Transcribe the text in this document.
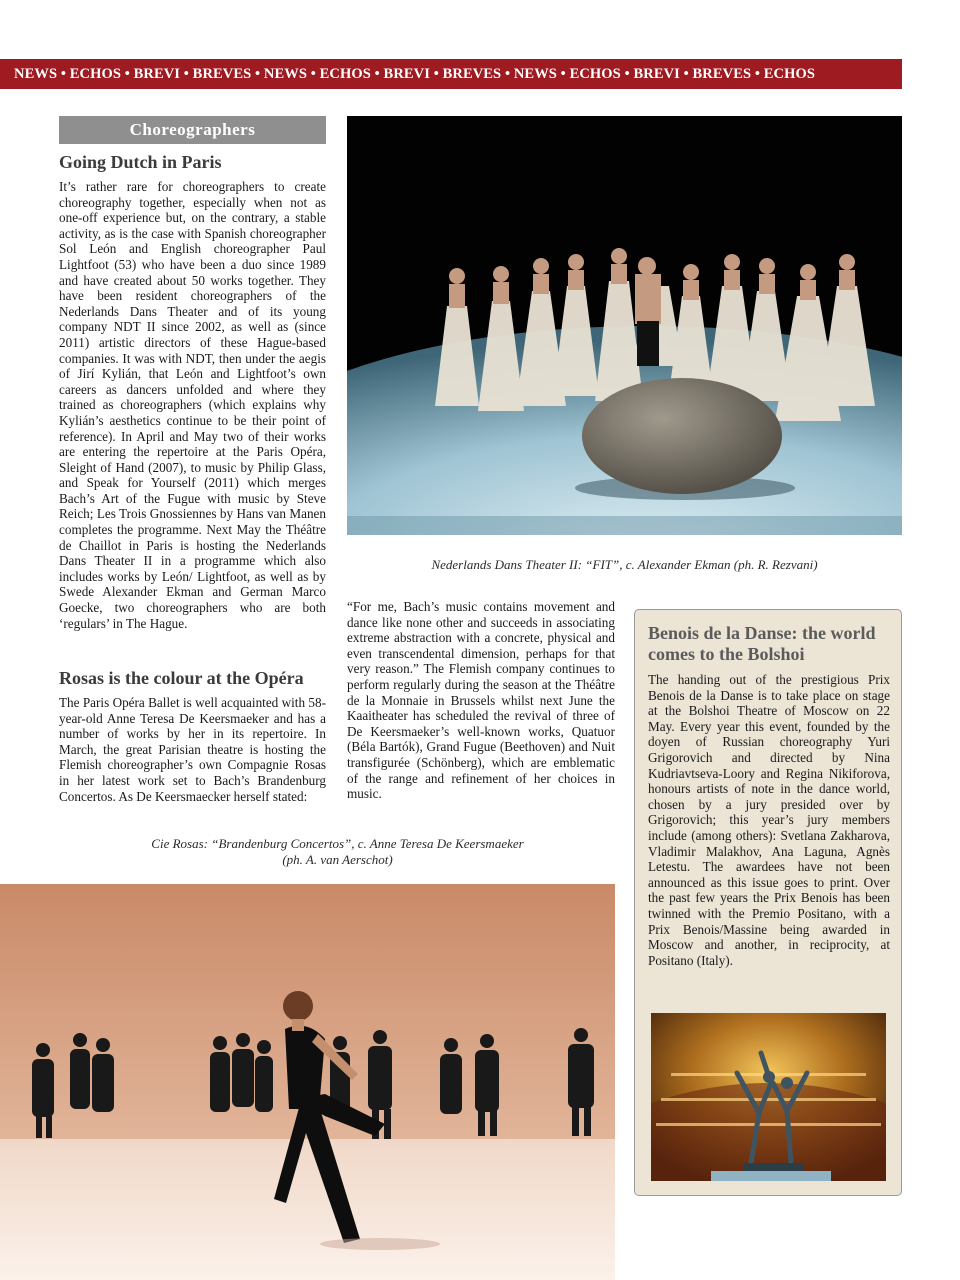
NEWS • ECHOS • BREVI • BREVES • NEWS • ECHOS • BREVI • BREVES • NEWS • ECHOS • BREVI • BREVES • ECHOS
Choreographers
Going Dutch in Paris

It’s rather rare for choreographers to create choreography together, especially when not as one-off experience but, on the contrary, a stable activity, as is the case with Spanish choreographer Sol León and English choreographer Paul Lightfoot (53) who have been a duo since 1989 and have created about 50 works together. They have been resident choreographers of the Nederlands Dans Theater and of its young company NDT II since 2002, as well as (since 2011) artistic directors of these Hague-based companies. It was with NDT, then under the aegis of Jirí Kylián, that León and Lightfoot’s own careers as dancers unfolded and where they trained as choreographers (which explains why Kylián’s aesthetics continue to be their point of reference). In April and May two of their works are entering the repertoire at the Paris Opéra, Sleight of Hand (2007), to music by Philip Glass, and Speak for Yourself (2011) which merges Bach’s Art of the Fugue with music by Steve Reich; Les Trois Gnossiennes by Hans van Manen completes the programme. Next May the Théâtre de Chaillot in Paris is hosting the Nederlands Dans Theater II in a programme which also includes works by León/ Lightfoot, as well as by Swede Alexander Ekman and German Marco Goecke, two choreographers who are both ‘regulars’ in The Hague.

Rosas is the colour at the Opéra

The Paris Opéra Ballet is well acquainted with 58-year-old Anne Teresa De Keersmaeker and has a number of works by her in its repertoire. In March, the great Parisian theatre is hosting the Flemish choreographer’s own Compagnie Rosas in her latest work set to Bach’s Brandenburg Concertos. As De Keersmaecker herself stated:

“For me, Bach’s music contains movement and dance like none other and succeeds in associating extreme abstraction with a concrete, physical and even transcendental dimension, perhaps for that very reason.” The Flemish company continues to perform regularly during the season at the Théâtre de la Monnaie in Brussels whilst next June the Kaaitheater has scheduled the revival of three of De Keersmaeker’s well-known works, Quatuor (Béla Bartók), Grand Fugue (Beethoven) and Nuit transfigurée (Schönberg), which are emblematic of the range and refinement of her choices in music.

Nederlands Dans Theater II: “FIT”, c. Alexander Ekman (ph. R. Rezvani)
Cie Rosas: “Brandenburg Concertos”, c. Anne Teresa De Keersmaeker
(ph. A. van Aerschot)
Benois de la Danse: the world comes to the Bolshoi

The handing out of the prestigious Prix Benois de la Danse is to take place on stage at the Bolshoi Theatre of Moscow on 22 May. Every year this event, founded by the doyen of Russian choreography Yuri Grigorovich and directed by Nina Kudriavtseva-Loory and Regina Nikiforova, honours artists of note in the dance world, chosen by a jury presided over by Grigorovich; this year’s jury members include (among others): Svetlana Zakharova, Vladimir Malakhov, Ana Laguna, Agnès Letestu. The awardees have not been announced as this issue goes to print. Over the past few years the Prix Benois has been twinned with the Premio Positano, with a Prix Benois/Massine being awarded in Moscow and another, in reciprocity, at Positano (Italy).
